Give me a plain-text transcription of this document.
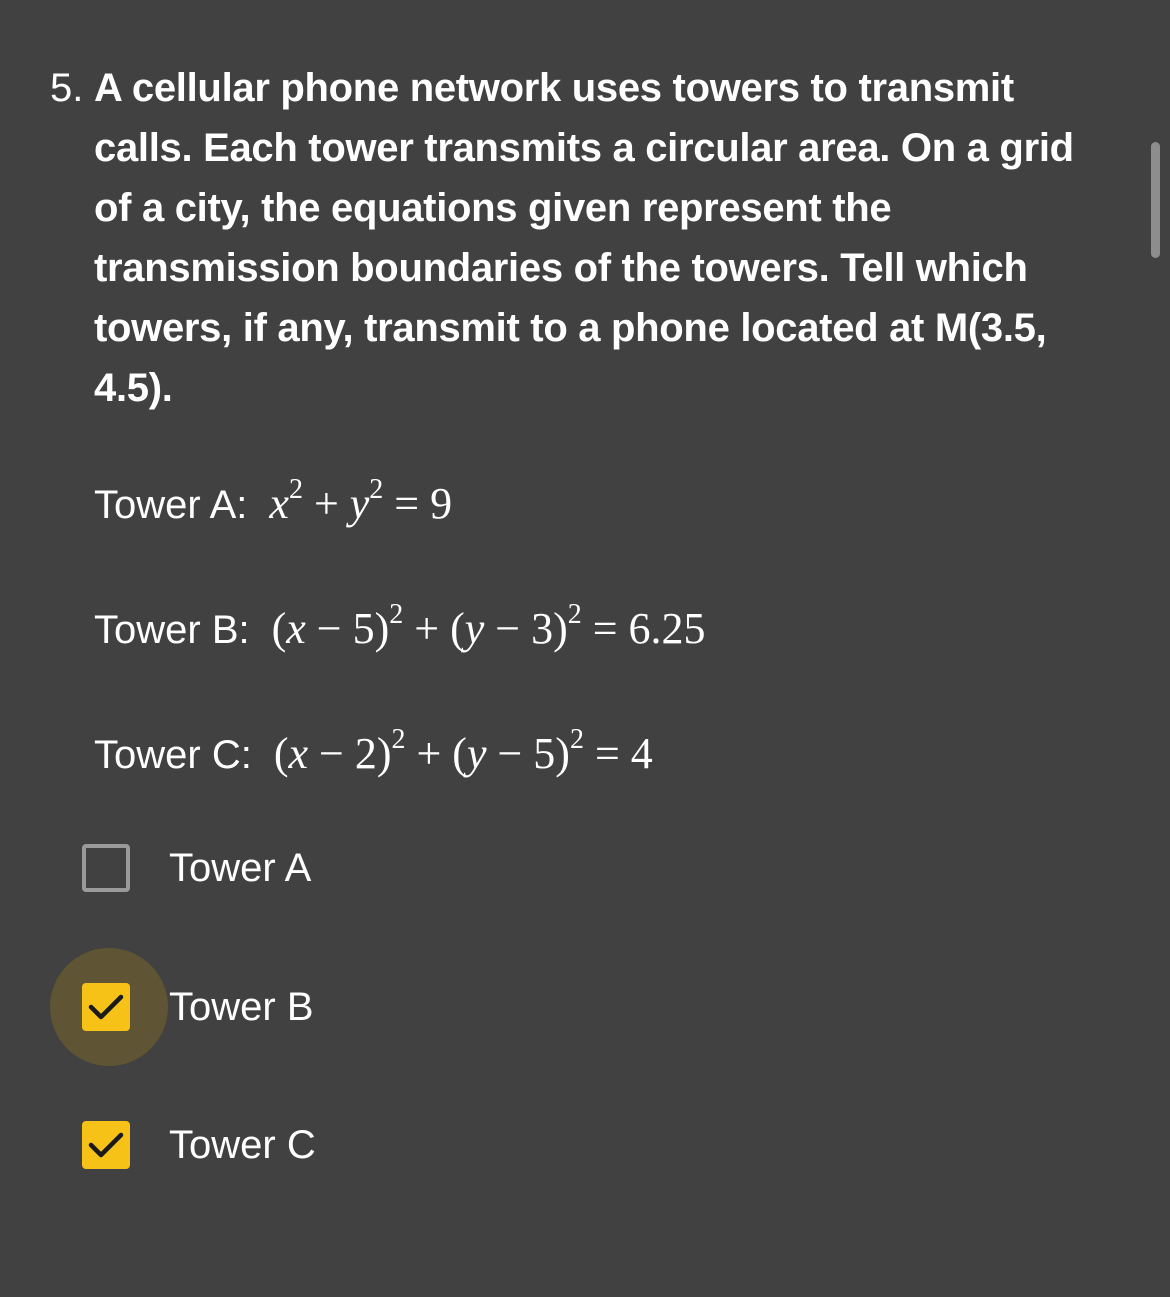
5. A cellular phone network uses towers to transmit calls. Each tower transmits a circular area. On a grid of a city, the equations given represent the transmission boundaries of the towers. Tell which towers, if any, transmit to a phone located at M(3.5, 4.5).
Tower A: $x^2 + y^2 = 9$
Tower B: $(x - 5)^2 + (y - 3)^2 = 6.25$
Tower C: $(x - 2)^2 + (y - 5)^2 = 4$
Tower A
Tower B
Tower C
